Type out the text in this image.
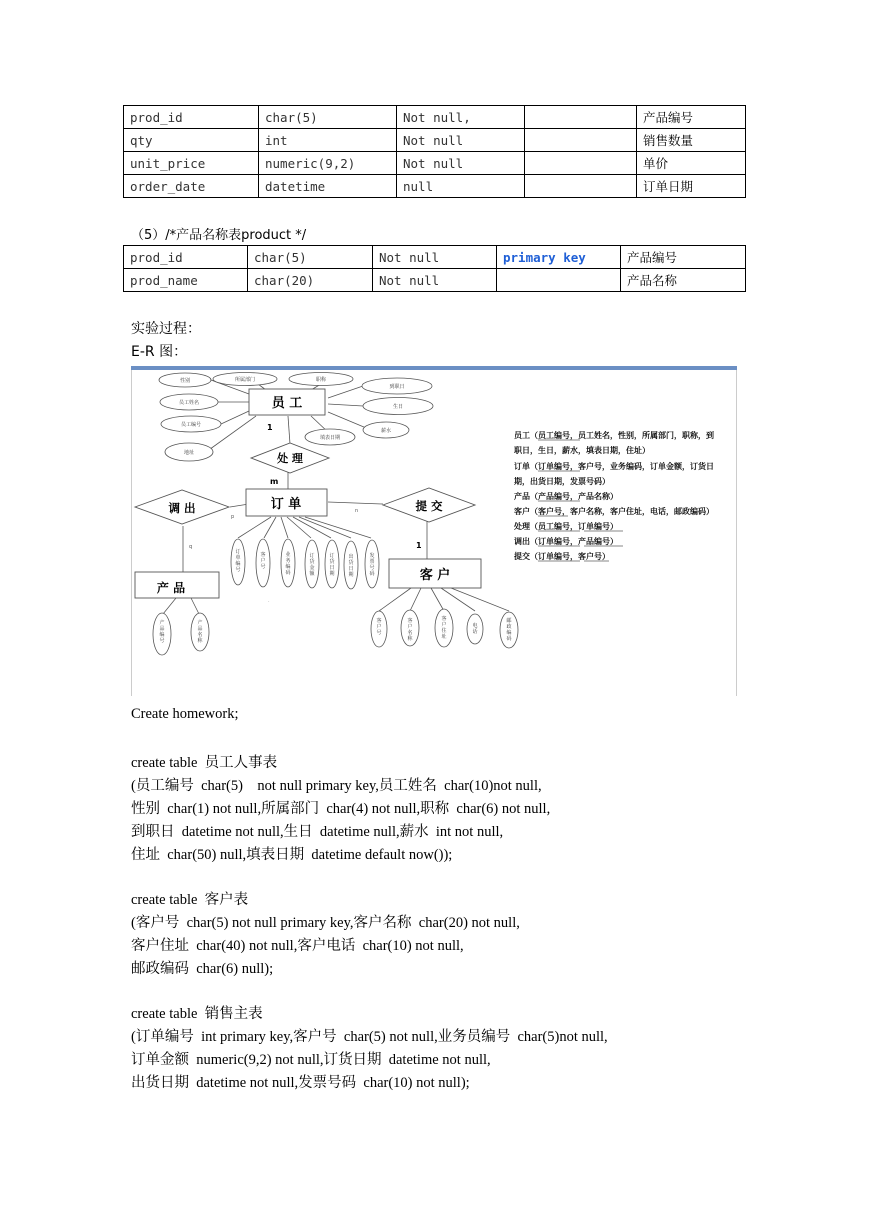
prod_id	char(5)	Not null,		产品编号
qty	int	Not null		销售数量
unit_price	numeric(9,2)	Not null		单价
order_date	datetime	null		订单日期
（5）/*产品名称表product */
prod_id	char(5)	Not null	primary key	产品编号
prod_name	char(20)	Not null		产品名称
实验过程：
E-R 图：
性别	所属部门	职称
到职日
员工姓名
生日
员工编号
薪水
填表日期
地址
员 工
1
处 理
m
订 单
调 出
p
q
提 交
n
1
订单编号
客户号
业务编码
订货金额
订货日期
出货日期
发票号码
产 品
产品编号
产品名称
·
客 户
客户号
客户名称
客户住址
电话
邮政编码
员工（员工编号，员工姓名，性别，所属部门，职称，到
职日，生日，薪水，填表日期，住址）
订单（订单编号，客户号，业务编码，订单金额，订货日
期，出货日期，发票号码）
产品（产品编号，产品名称）
客户（客户号，客户名称，客户住址，电话，邮政编码）
处理（员工编号，订单编号）
调出（订单编号，产品编号）
提交（订单编号，客户号）
Create homework;
create table  员工人事表
(员工编号  char(5)    not null primary key,员工姓名  char(10)not null,
性别  char(1) not null,所属部门  char(4) not null,职称  char(6) not null,
到职日  datetime not null,生日  datetime null,薪水  int not null,
住址  char(50) null,填表日期  datetime default now());
create table  客户表
(客户号  char(5) not null primary key,客户名称  char(20) not null,
客户住址  char(40) not null,客户电话  char(10) not null,
邮政编码  char(6) null);
create table  销售主表
(订单编号  int primary key,客户号  char(5) not null,业务员编号  char(5)not null,
订单金额  numeric(9,2) not null,订货日期  datetime not null,
出货日期  datetime not null,发票号码  char(10) not null);
